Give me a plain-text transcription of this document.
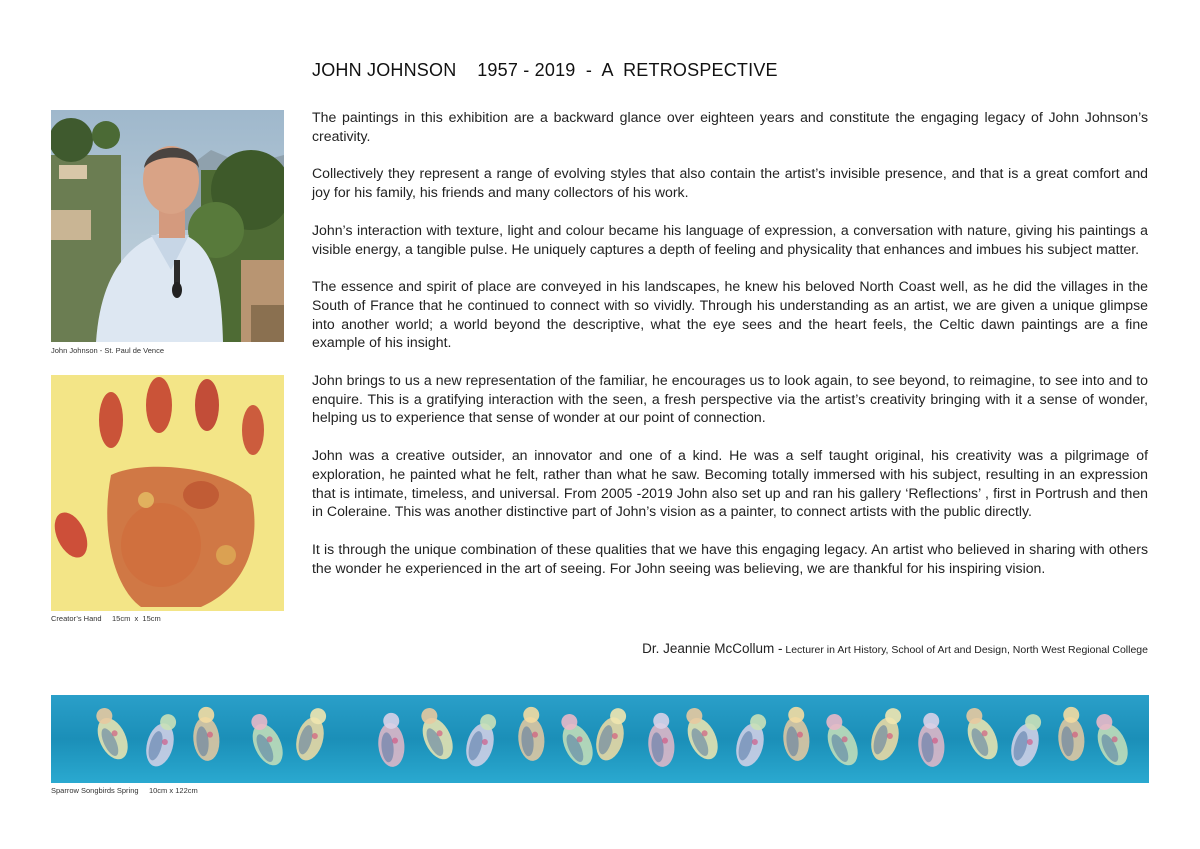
JOHN JOHNSON    1957 - 2019  -  A  RETROSPECTIVE

The paintings in this exhibition are a backward glance over eighteen years and constitute the engaging legacy of John Johnson’s creativity.

Collectively they represent a range of evolving styles that also contain the artist’s invisible presence, and that is a great comfort and joy for his family, his friends and many collectors of his work.

John’s interaction with texture, light and colour became his language of expression, a conversation with nature, giving his paintings a visible energy, a tangible pulse. He uniquely captures a depth of feeling and physicality that enhances and imbues his subject matter.

The essence and spirit of place are conveyed in his landscapes, he knew his beloved North Coast well, as he did the villages in the South of France that he continued to connect with so vividly. Through his understanding as an artist, we are given a unique glimpse into another world; a world beyond the descriptive, what the eye sees and the heart feels, the Celtic dawn paintings are a fine example of his insight.

John brings to us a new representation of the familiar, he encourages us to look again, to see beyond, to reimagine, to see into and to enquire. This is a gratifying interaction with the seen, a fresh perspective via the artist’s creativity bringing with it a sense of wonder, helping us to experience that sense of wonder at our point of connection.

John was a creative outsider, an innovator and one of a kind. He was a self taught original, his creativity was a pilgrimage of exploration, he painted what he felt, rather than what he saw. Becoming totally immersed with his subject, resulting in an expression that is intimate, timeless, and universal. From 2005 -2019 John also set up and ran his gallery ‘Reflections’ , first in Portrush and then in Coleraine. This was another distinctive part of John’s vision as a painter, to connect artists with the public directly.

It is through the unique combination of these qualities that we have this engaging legacy. An artist who believed in sharing with others the wonder he experienced in the art of seeing. For John seeing was believing, we are thankful for his inspiring vision.

Dr. Jeannie McCollum - Lecturer in Art History, School of Art and Design, North West Regional College
John Johnson - St. Paul de Vence
Creator’s Hand     15cm  x  15cm
Sparrow Songbirds Spring     10cm x 122cm
